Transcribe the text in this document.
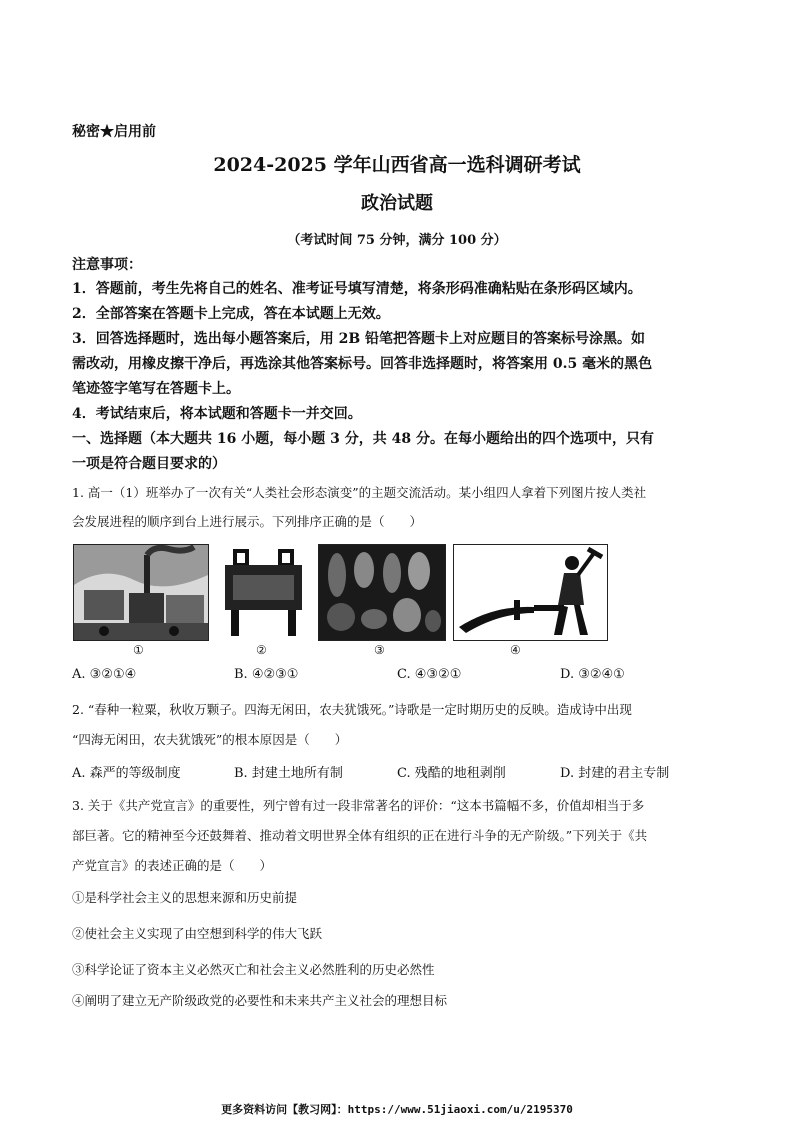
秘密★启用前
2024-2025 学年山西省高一选科调研考试
政治试题
（考试时间 75 分钟，满分 100 分）
注意事项：
1．答题前，考生先将自己的姓名、准考证号填写清楚，将条形码准确粘贴在条形码区域内。
2．全部答案在答题卡上完成，答在本试题上无效。
3．回答选择题时，选出每小题答案后，用 2B 铅笔把答题卡上对应题目的答案标号涂黑。如
需改动，用橡皮擦干净后，再选涂其他答案标号。回答非选择题时，将答案用 0.5 毫米的黑色
笔迹签字笔写在答题卡上。
4．考试结束后，将本试题和答题卡一并交回。
一、选择题（本大题共 16 小题，每小题 3 分，共 48 分。在每小题给出的四个选项中，只有
一项是符合题目要求的）
1. 高一（1）班举办了一次有关“人类社会形态演变”的主题交流活动。某小组四人拿着下列图片按人类社
会发展进程的顺序到台上进行展示。下列排序正确的是（　　）
①	②	③	④
A. ③②①④	B. ④②③①	C. ④③②①	D. ③②④①
2. “春种一粒粟，秋收万颗子。四海无闲田，农夫犹饿死。”诗歌是一定时期历史的反映。造成诗中出现
“四海无闲田，农夫犹饿死”的根本原因是（　　）
A. 森严的等级制度	B. 封建土地所有制	C. 残酷的地租剥削	D. 封建的君主专制
3. 关于《共产党宣言》的重要性，列宁曾有过一段非常著名的评价：“这本书篇幅不多，价值却相当于多
部巨著。它的精神至今还鼓舞着、推动着文明世界全体有组织的正在进行斗争的无产阶级。”下列关于《共
产党宣言》的表述正确的是（　　）
①是科学社会主义的思想来源和历史前提
②使社会主义实现了由空想到科学的伟大飞跃
③科学论证了资本主义必然灭亡和社会主义必然胜利的历史必然性
④阐明了建立无产阶级政党的必要性和未来共产主义社会的理想目标
更多资料访问【教习网】：https://www.51jiaoxi.com/u/2195370
